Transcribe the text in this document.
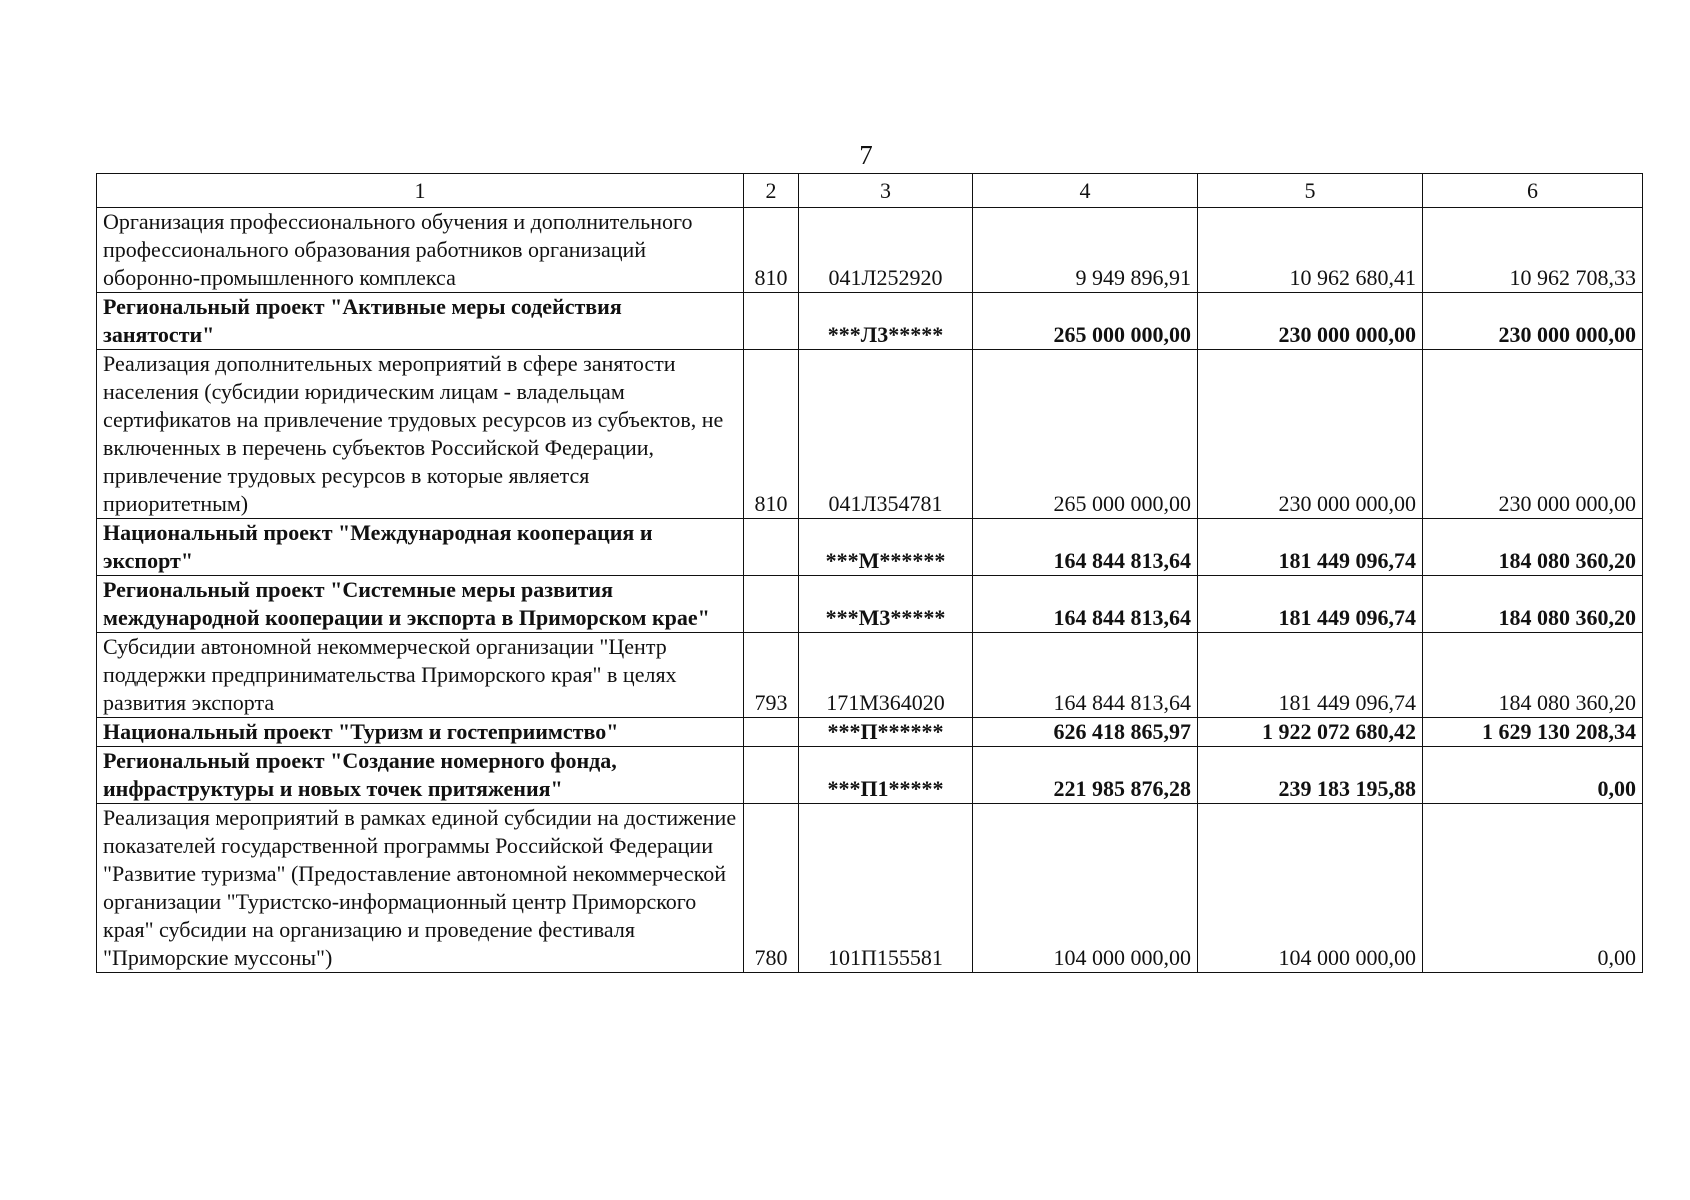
7
1	2	3	4	5	6
Организация профессионального обучения и дополнительного профессионального образования работников организаций оборонно-промышленного комплекса	810	041Л252920	9 949 896,91	10 962 680,41	10 962 708,33
Региональный проект "Активные меры содействия занятости"		***Л3*****	265 000 000,00	230 000 000,00	230 000 000,00
Реализация дополнительных мероприятий в сфере занятости населения (субсидии юридическим лицам - владельцам сертификатов на привлечение трудовых ресурсов из субъектов, не включенных в перечень субъектов Российской Федерации, привлечение трудовых ресурсов в которые является приоритетным)	810	041Л354781	265 000 000,00	230 000 000,00	230 000 000,00
Национальный проект "Международная кооперация и экспорт"		***М******	164 844 813,64	181 449 096,74	184 080 360,20
Региональный проект "Системные меры развития международной кооперации и экспорта в Приморском крае"		***М3*****	164 844 813,64	181 449 096,74	184 080 360,20
Субсидии автономной некоммерческой организации "Центр поддержки предпринимательства Приморского края" в целях развития экспорта	793	171М364020	164 844 813,64	181 449 096,74	184 080 360,20
Национальный проект "Туризм и гостеприимство"		***П******	626 418 865,97	1 922 072 680,42	1 629 130 208,34
Региональный проект "Создание номерного фонда, инфраструктуры и новых точек притяжения"		***П1*****	221 985 876,28	239 183 195,88	0,00
Реализация мероприятий в рамках единой субсидии на достижение показателей государственной программы Российской Федерации "Развитие туризма" (Предоставление автономной некоммерческой организации "Туристско-информационный центр Приморского края" субсидии на организацию и проведение фестиваля "Приморские муссоны")	780	101П155581	104 000 000,00	104 000 000,00	0,00
